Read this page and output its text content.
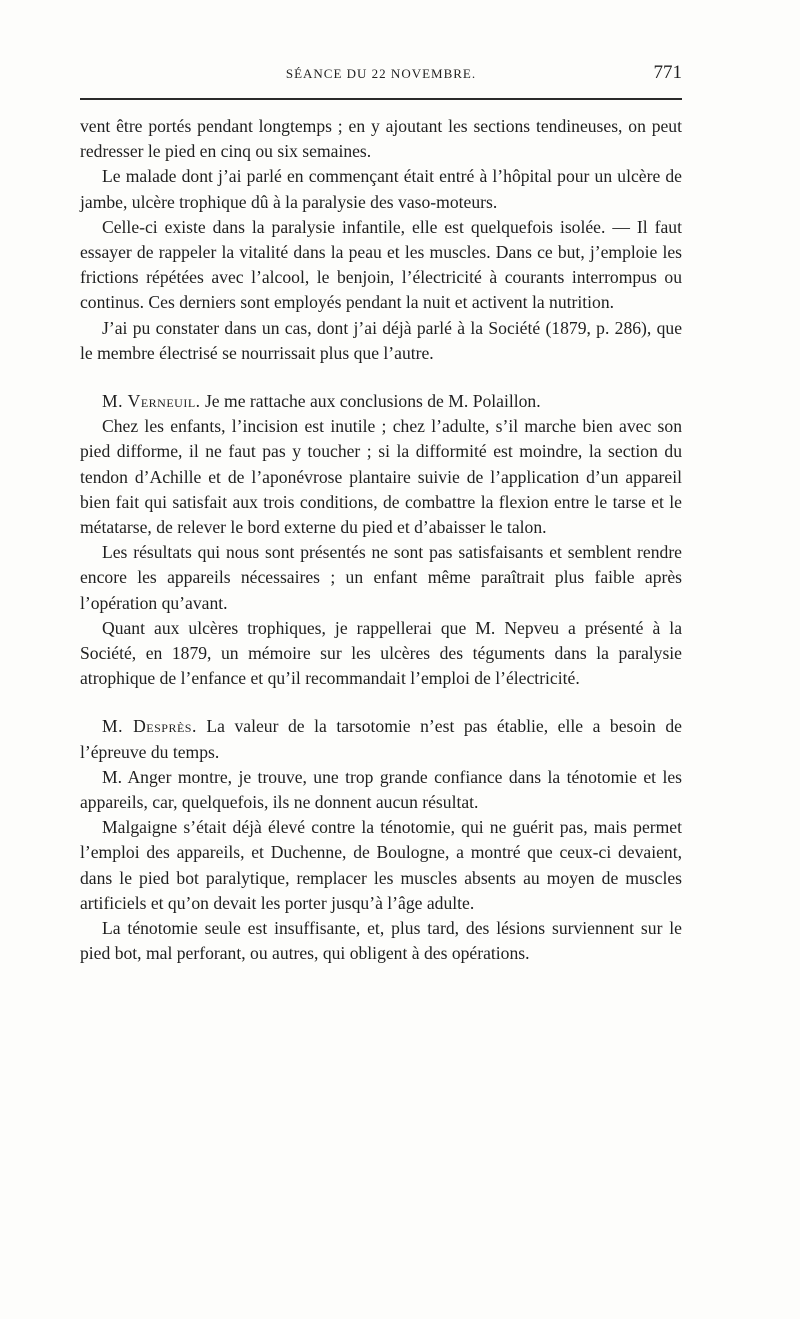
SÉANCE DU 22 NOVEMBRE.	771

vent être portés pendant longtemps ; en y ajoutant les sections tendineuses, on peut redresser le pied en cinq ou six semaines.

Le malade dont j’ai parlé en commençant était entré à l’hôpital pour un ulcère de jambe, ulcère trophique dû à la paralysie des vaso-moteurs.

Celle-ci existe dans la paralysie infantile, elle est quelquefois isolée. — Il faut essayer de rappeler la vitalité dans la peau et les muscles. Dans ce but, j’emploie les frictions répétées avec l’alcool, le benjoin, l’électricité à courants interrompus ou continus. Ces derniers sont employés pendant la nuit et activent la nutrition.

J’ai pu constater dans un cas, dont j’ai déjà parlé à la Société (1879, p. 286), que le membre électrisé se nourrissait plus que l’autre.

M. Verneuil. Je me rattache aux conclusions de M. Polaillon.

Chez les enfants, l’incision est inutile ; chez l’adulte, s’il marche bien avec son pied difforme, il ne faut pas y toucher ; si la difformité est moindre, la section du tendon d’Achille et de l’aponévrose plantaire suivie de l’application d’un appareil bien fait qui satisfait aux trois conditions, de combattre la flexion entre le tarse et le métatarse, de relever le bord externe du pied et d’abaisser le talon.

Les résultats qui nous sont présentés ne sont pas satisfaisants et semblent rendre encore les appareils nécessaires ; un enfant même paraîtrait plus faible après l’opération qu’avant.

Quant aux ulcères trophiques, je rappellerai que M. Nepveu a présenté à la Société, en 1879, un mémoire sur les ulcères des téguments dans la paralysie atrophique de l’enfance et qu’il recommandait l’emploi de l’électricité.

M. Desprès. La valeur de la tarsotomie n’est pas établie, elle a besoin de l’épreuve du temps.

M. Anger montre, je trouve, une trop grande confiance dans la ténotomie et les appareils, car, quelquefois, ils ne donnent aucun résultat.

Malgaigne s’était déjà élevé contre la ténotomie, qui ne guérit pas, mais permet l’emploi des appareils, et Duchenne, de Boulogne, a montré que ceux-ci devaient, dans le pied bot paralytique, remplacer les muscles absents au moyen de muscles artificiels et qu’on devait les porter jusqu’à l’âge adulte.

La ténotomie seule est insuffisante, et, plus tard, des lésions surviennent sur le pied bot, mal perforant, ou autres, qui obligent à des opérations.
